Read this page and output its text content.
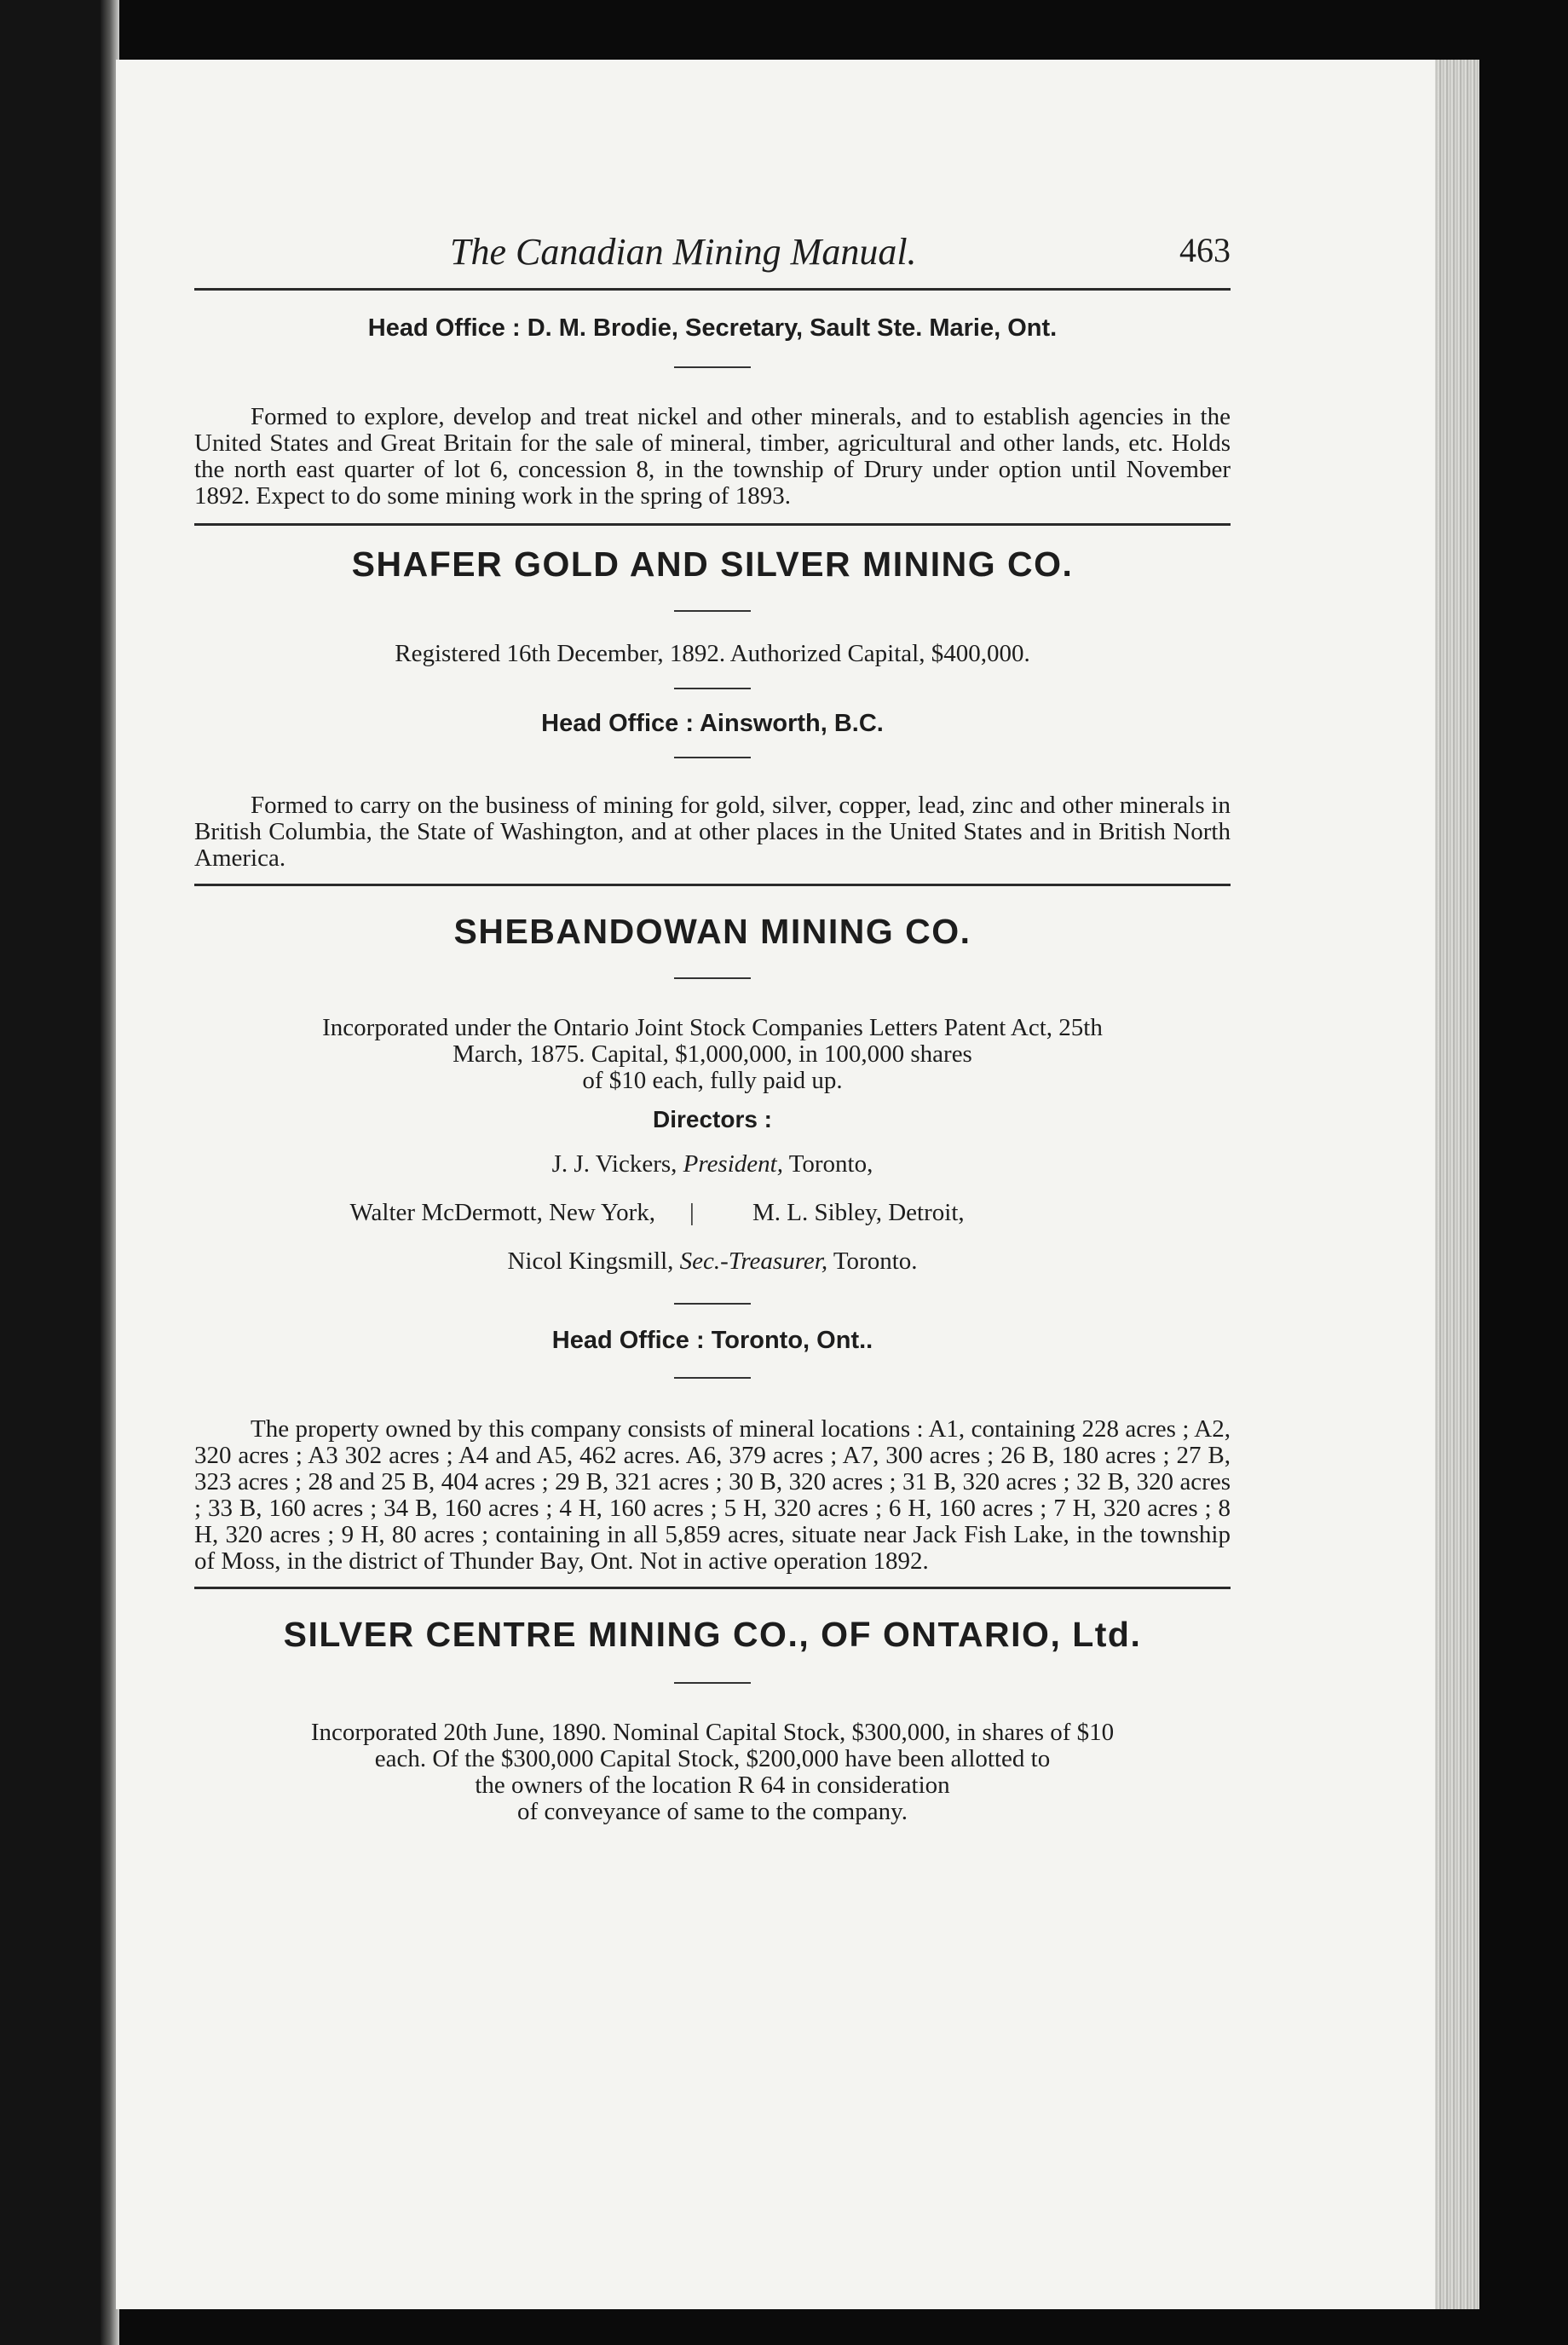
The Canadian Mining Manual.	463
Head Office : D. M. Brodie, Secretary, Sault Ste. Marie, Ont.
Formed to explore, develop and treat nickel and other minerals, and to establish agencies in the United States and Great Britain for the sale of mineral, timber, agricultural and other lands, etc. Holds the north east quarter of lot 6, concession 8, in the township of Drury under option until November 1892. Expect to do some mining work in the spring of 1893.
SHAFER GOLD AND SILVER MINING CO.
Registered 16th December, 1892. Authorized Capital, $400,000.
Head Office : Ainsworth, B.C.
Formed to carry on the business of mining for gold, silver, copper, lead, zinc and other minerals in British Columbia, the State of Washington, and at other places in the United States and in British North America.
SHEBANDOWAN MINING CO.
Incorporated under the Ontario Joint Stock Companies Letters Patent Act, 25th
March, 1875. Capital, $1,000,000, in 100,000 shares
of $10 each, fully paid up.
Directors :
J. J. Vickers, President, Toronto,
Walter McDermott, New York,	|	M. L. Sibley, Detroit,
Nicol Kingsmill, Sec.-Treasurer, Toronto.
Head Office : Toronto, Ont..
The property owned by this company consists of mineral locations : A1, containing 228 acres ; A2, 320 acres ; A3 302 acres ; A4 and A5, 462 acres. A6, 379 acres ; A7, 300 acres ; 26 B, 180 acres ; 27 B, 323 acres ; 28 and 25 B, 404 acres ; 29 B, 321 acres ; 30 B, 320 acres ; 31 B, 320 acres ; 32 B, 320 acres ; 33 B, 160 acres ; 34 B, 160 acres ; 4 H, 160 acres ; 5 H, 320 acres ; 6 H, 160 acres ; 7 H, 320 acres ; 8 H, 320 acres ; 9 H, 80 acres ; containing in all 5,859 acres, situate near Jack Fish Lake, in the township of Moss, in the district of Thunder Bay, Ont. Not in active operation 1892.
SILVER CENTRE MINING CO., OF ONTARIO, Ltd.
Incorporated 20th June, 1890. Nominal Capital Stock, $300,000, in shares of $10
each. Of the $300,000 Capital Stock, $200,000 have been allotted to
the owners of the location R 64 in consideration
of conveyance of same to the company.
